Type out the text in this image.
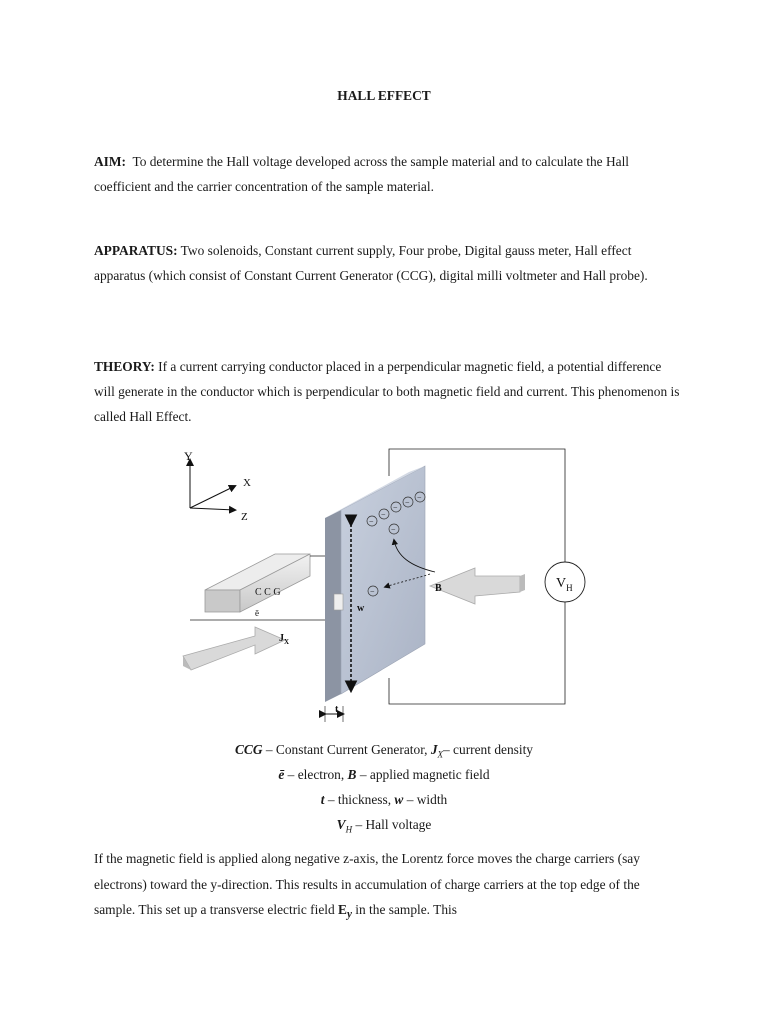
HALL EFFECT

AIM: To determine the Hall voltage developed across the sample material and to calculate the Hall coefficient and the carrier concentration of the sample material.

APPARATUS: Two solenoids, Constant current supply, Four probe, Digital gauss meter, Hall effect apparatus (which consist of Constant Current Generator (CCG), digital milli voltmeter and Hall probe).

THEORY: If a current carrying conductor placed in a perpendicular magnetic field, a potential difference will generate in the conductor which is perpendicular to both magnetic field and current. This phenomenon is called Hall Effect.

Y
X
Z
C C G
ē
$J_X$
w
t
−
−
−
−
−
−
−	B	$V_H$
CCG – Constant Current Generator, $J_X-$ current density
ē – electron, B – applied magnetic field
t – thickness, w – width
$V_H$ – Hall voltage

If the magnetic field is applied along negative z-axis, the Lorentz force moves the charge carriers (say electrons) toward the y-direction. This results in accumulation of charge carriers at the top edge of the sample. This set up a transverse electric field $E_y$ in the sample. This
